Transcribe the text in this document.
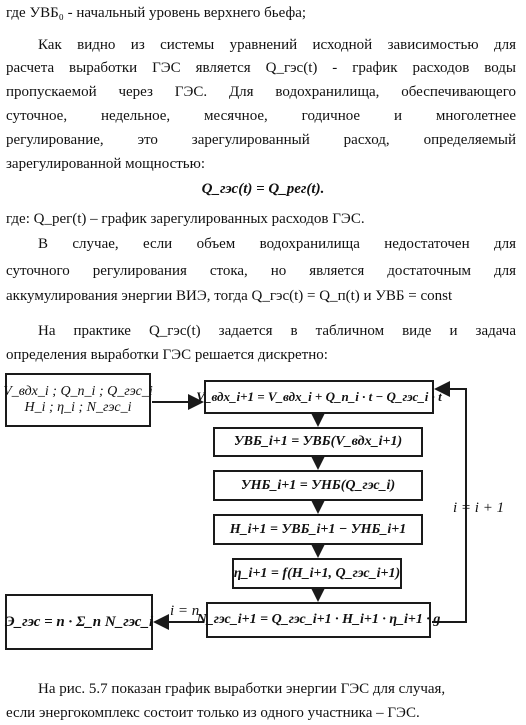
где УВБ₀ - начальный уровень верхнего бьефа;
Как видно из системы уравнений исходной зависимостью для
расчета выработки ГЭС является Q_гэс(t) - график расходов воды
пропускаемой через ГЭС. Для водохранилища, обеспечивающего
суточное, недельное, месячное, годичное и многолетнее
регулирование, это зарегулированный расход, определяемый
зарегулированной мощностью:
Q_гэс(t) = Q_рег(t).
где: Q_рег(t) – график зарегулированных расходов ГЭС.
В случае, если объем водохранилища недостаточен для
суточного регулирования стока, но является достаточным для
аккумулирования энергии ВИЭ, тогда Q_гэс(t) = Q_п(t) и УВБ = const
На практике Q_гэс(t) задается в табличном виде и задача
определения выработки ГЭС решается дискретно:
V_вдх_i ; Q_п_i ; Q_гэс_i
H_i ; η_i ; N_гэс_i
V_вдх_i+1 = V_вдх_i + Q_п_i · t − Q_гэс_i · t
УВБ_i+1 = УВБ(V_вдх_i+1)
УНБ_i+1 = УНБ(Q_гэс_i)
H_i+1 = УВБ_i+1 − УНБ_i+1
η_i+1 = f(H_i+1, Q_гэс_i+1)
N_гэс_i+1 = Q_гэс_i+1 · H_i+1 · η_i+1 · g
Э_гэс = n · Σ_n N_гэс_i
i = i + 1
i = n
На рис. 5.7 показан график выработки энергии ГЭС для случая,
если энергокомплекс состоит только из одного участника – ГЭС.
